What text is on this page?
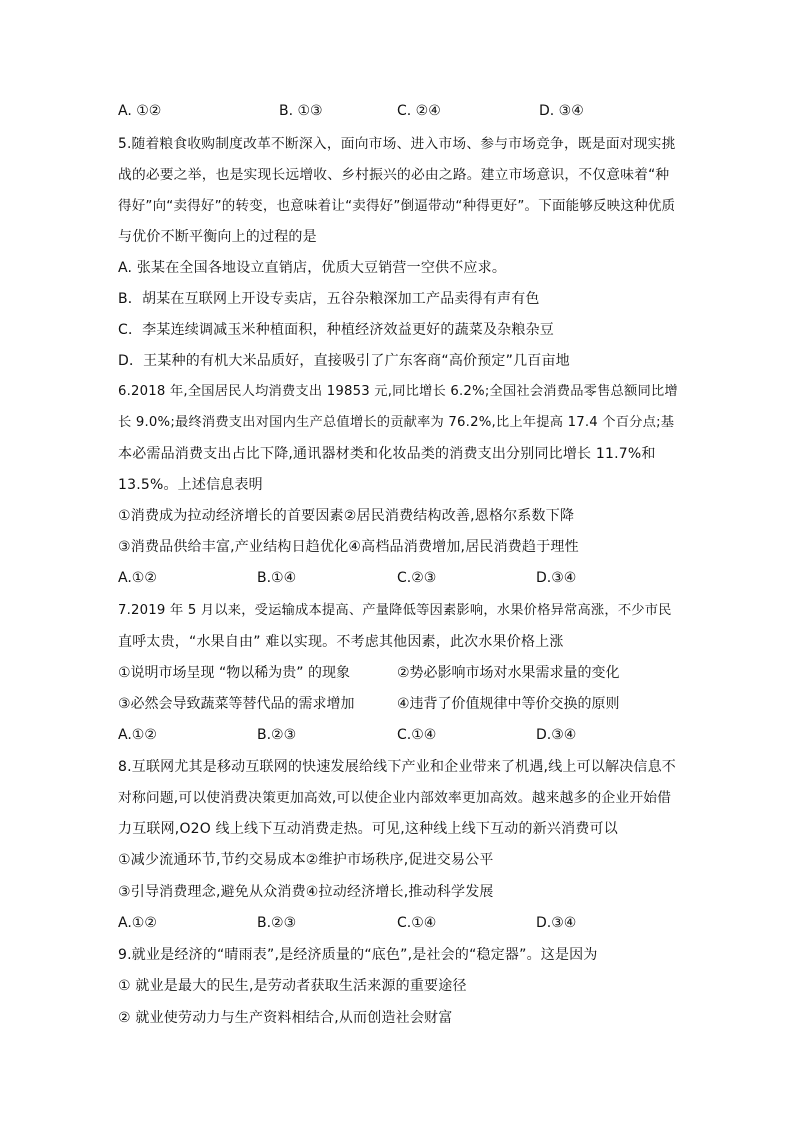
A. ①②	B. ①③	C. ②④	D. ③④
5.随着粮食收购制度改革不断深入，面向市场、进入市场、参与市场竞争，既是面对现实挑
战的必要之举，也是实现长远增收、乡村振兴的必由之路。建立市场意识，不仅意味着“种
得好”向“卖得好”的转变，也意味着让“卖得好”倒逼带动“种得更好”。下面能够反映这种优质
与优价不断平衡向上的过程的是
A. 张某在全国各地设立直销店，优质大豆销营一空供不应求。
B．胡某在互联网上开设专卖店，五谷杂粮深加工产品卖得有声有色
C．李某连续调减玉米种植面积，种植经济效益更好的蔬菜及杂粮杂豆
D．王某种的有机大米品质好，直接吸引了广东客商“高价预定”几百亩地
6.2018 年,全国居民人均消费支出 19853 元,同比增长 6.2%;全国社会消费品零售总额同比增
长 9.0%;最终消费支出对国内生产总值增长的贡献率为 76.2%,比上年提高 17.4 个百分点;基
本必需品消费支出占比下降,通讯器材类和化妆品类的消费支出分别同比增长 11.7%和
13.5%。上述信息表明
①消费成为拉动经济增长的首要因素②居民消费结构改善,恩格尔系数下降
③消费品供给丰富,产业结构日趋优化④高档品消费增加,居民消费趋于理性
A.①②	B.①④	C.②③	D.③④
7.2019 年 5 月以来，受运输成本提高、产量降低等因素影响，水果价格异常高涨，不少市民
直呼太贵，“水果自由” 难以实现。不考虑其他因素，此次水果价格上涨
①说明市场呈现 “物以稀为贵” 的现象	②势必影响市场对水果需求量的变化
③必然会导致蔬菜等替代品的需求增加	④违背了价值规律中等价交换的原则
A.①②	B.②③	C.①④	D.③④
8.互联网尤其是移动互联网的快速发展给线下产业和企业带来了机遇,线上可以解决信息不
对称问题,可以使消费决策更加高效,可以使企业内部效率更加高效。越来越多的企业开始借
力互联网,O2O 线上线下互动消费走热。可见,这种线上线下互动的新兴消费可以
①减少流通环节,节约交易成本②维护市场秩序,促进交易公平
③引导消费理念,避免从众消费④拉动经济增长,推动科学发展
A.①②	B.②③	C.①④	D.③④
9.就业是经济的“晴雨表”,是经济质量的“底色”,是社会的“稳定器”。这是因为
① 就业是最大的民生,是劳动者获取生活来源的重要途径
② 就业使劳动力与生产资料相结合,从而创造社会财富
